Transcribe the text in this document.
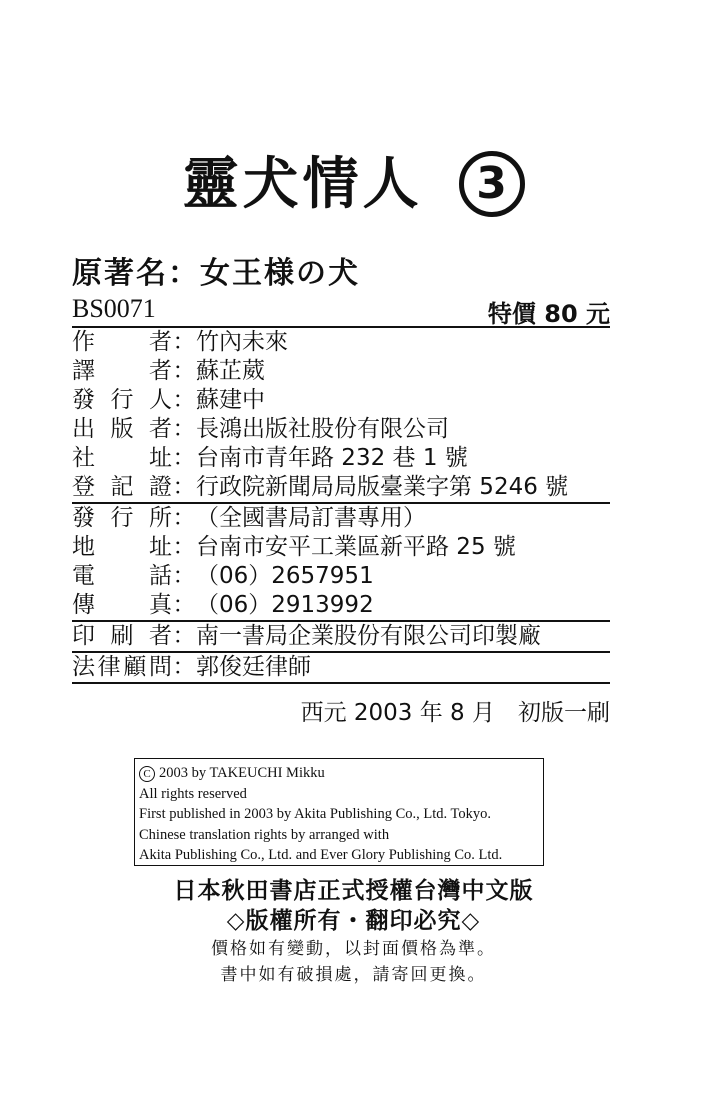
靈犬情人 3
原著名：女王様の犬
BS0071	特價 80 元
作者 ： 竹內未來
譯者 ： 蘇芷葳
發行人 ： 蘇建中
出版者 ： 長鴻出版社股份有限公司
社址 ： 台南市青年路 232 巷 1 號
登記證 ： 行政院新聞局局版臺業字第 5246 號
發行所 ： （全國書局訂書專用）
地址 ： 台南市安平工業區新平路 25 號
電話 ： （06）2657951
傳真 ： （06）2913992
印刷者 ： 南一書局企業股份有限公司印製廠
法律顧問 ： 郭俊廷律師
西元 2003 年 8 月　初版一刷
C 2003 by TAKEUCHI Mikku
All rights reserved
First published in 2003 by Akita Publishing Co., Ltd. Tokyo.
Chinese translation rights by arranged with
Akita Publishing Co., Ltd. and Ever Glory Publishing Co. Ltd.
日本秋田書店正式授權台灣中文版
◇版權所有・翻印必究◇
價格如有變動，以封面價格為準。
書中如有破損處，請寄回更換。
